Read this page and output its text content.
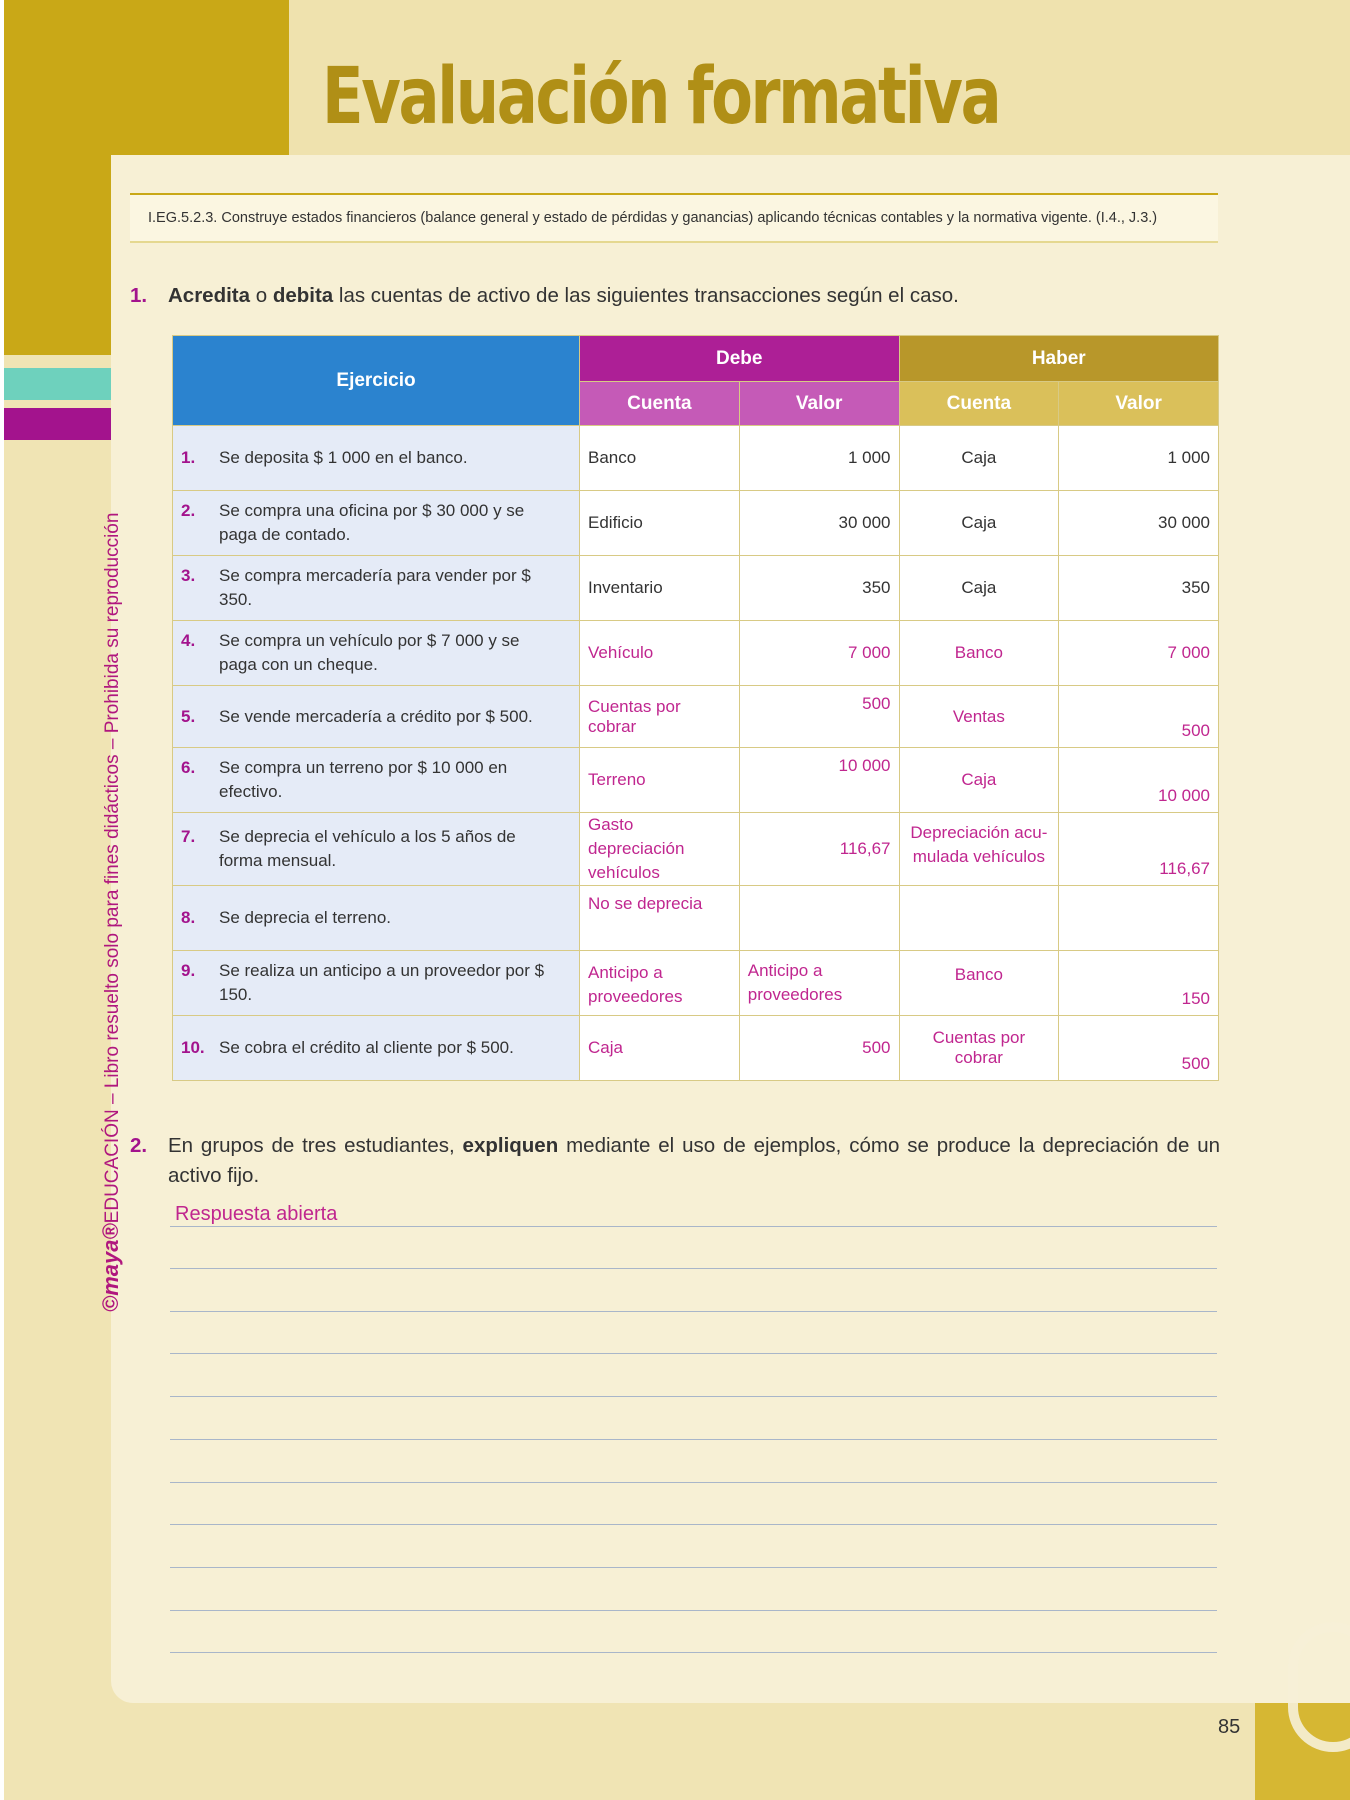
Evaluación formativa
©maya®EDUCACIÓN – Libro resuelto solo para fines didácticos – Prohibida su reproducción
I.EG.5.2.3. Construye estados financieros (balance general y estado de pérdidas y ganancias) aplicando técnicas contables y la normativa vigente. (I.4., J.3.)
1. Acredita o debita las cuentas de activo de las siguientes transacciones según el caso.
Ejercicio	Debe		Haber	
	Cuenta	Valor	Cuenta	Valor
1. Se deposita $ 1 000 en el banco.	Banco	1 000	Caja	1 000
2. Se compra una oficina por $ 30 000 y se paga de contado.	Edificio	30 000	Caja	30 000
3. Se compra mercadería para vender por $ 350.	Inventario	350	Caja	350
4. Se compra un vehículo por $ 7 000 y se paga con un cheque.	Vehículo	7 000	Banco	7 000
5. Se vende mercadería a crédito por $ 500.	Cuentas por cobrar	500	Ventas	500
6. Se compra un terreno por $ 10 000 en efectivo.	Terreno	10 000	Caja	10 000
7. Se deprecia el vehículo a los 5 años de forma mensual.	Gasto depreciación vehículos	116,67	Depreciación acu-mulada vehículos	116,67
8. Se deprecia el terreno.	No se deprecia			
9. Se realiza un anticipo a un proveedor por $ 150.	Anticipo a proveedores	Anticipo a proveedores	Banco	150
10. Se cobra el crédito al cliente por $ 500.	Caja	500	Cuentas por cobrar	500
2. En grupos de tres estudiantes, expliquen mediante el uso de ejemplos, cómo se produce la depreciación de un activo fijo.
Respuesta abierta
85
